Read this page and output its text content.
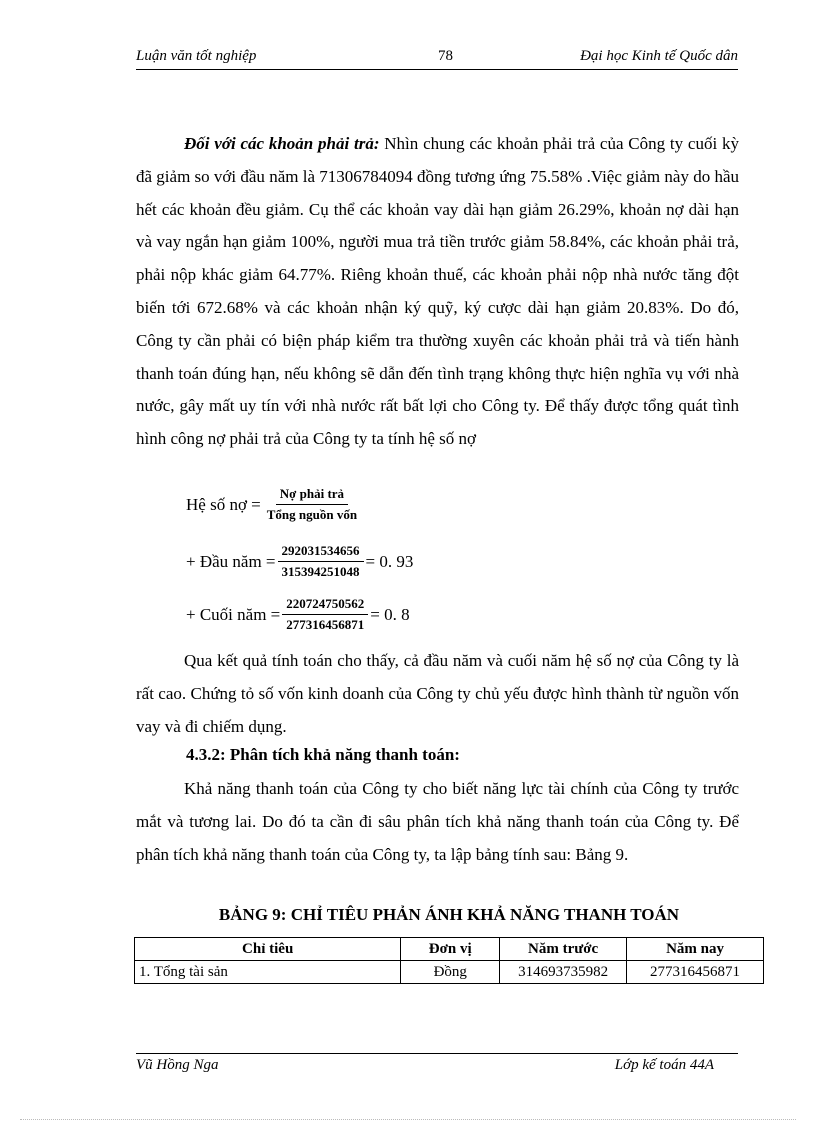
Luận văn tốt nghiệp	78	Đại học Kinh tế Quốc dân

Đối với các khoản phải trả: Nhìn chung các khoản phải trả của Công ty cuối kỳ đã giảm so với đầu năm là 71306784094 đồng tương ứng 75.58% .Việc giảm này do hầu hết các khoản đều giảm. Cụ thể các khoản vay dài hạn giảm 26.29%, khoản nợ dài hạn và vay ngắn hạn giảm 100%, người mua trả tiền trước giảm 58.84%, các khoản phải trả, phải nộp khác giảm 64.77%. Riêng khoản thuế, các khoản phải nộp nhà nước tăng đột biến tới 672.68% và các khoản nhận ký quỹ, ký cược dài hạn giảm 20.83%. Do đó, Công ty cần phải có biện pháp kiểm tra thường xuyên các khoản phải trả và tiến hành thanh toán đúng hạn, nếu không sẽ dẫn đến tình trạng không thực hiện nghĩa vụ với nhà nước, gây mất uy tín với nhà nước rất bất lợi cho Công ty. Để thấy được tổng quát tình hình công nợ phải trả của Công ty ta tính hệ số nợ

Hệ số nợ = $\frac{\text{Nợ phải trả}}{\text{Tổng nguồn vốn}}$
+ Đầu năm = $\frac{292031534656}{315394251048} = 0$. 93
+ Cuối năm = $\frac{220724750562}{277316456871} = 0$. 8

Qua kết quả tính toán cho thấy, cả đầu năm và cuối năm hệ số nợ của Công ty là rất cao. Chứng tỏ số vốn kinh doanh của Công ty chủ yếu được hình thành từ nguồn vốn vay và đi chiếm dụng.

4.3.2: Phân tích khả năng thanh toán:

Khả năng thanh toán của Công ty cho biết năng lực tài chính của Công ty trước mắt và tương lai. Do đó ta cần đi sâu phân tích khả năng thanh toán của Công ty. Để phân tích khả năng thanh toán của Công ty, ta lập bảng tính sau: Bảng 9.

BẢNG 9: CHỈ TIÊU PHẢN ÁNH KHẢ NĂNG THANH TOÁN
Chỉ tiêu	Đơn vị	Năm trước	Năm nay
1. Tổng tài sản	Đồng	314693735982	277316456871
Vũ Hồng Nga	Lớp kế toán 44A
